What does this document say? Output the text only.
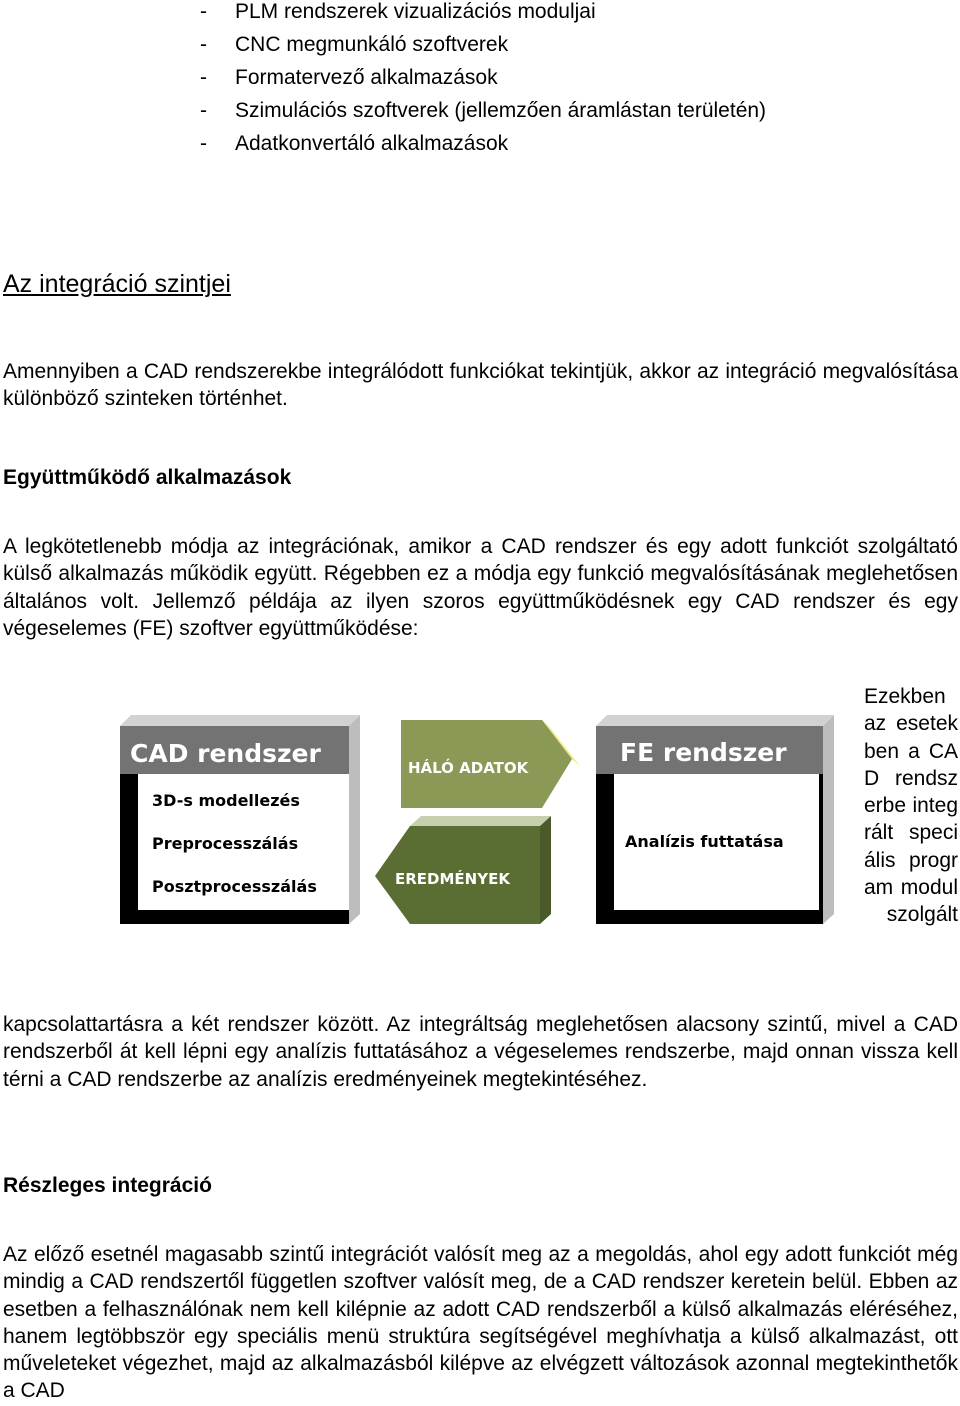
- PLM rendszerek vizualizációs moduljai
- CNC megmunkáló szoftverek
- Formatervező alkalmazások
- Szimulációs szoftverek (jellemzően áramlástan területén)
- Adatkonvertáló alkalmazások
Az integráció szintjei

Amennyiben a CAD rendszerekbe integrálódott funkciókat tekintjük, akkor az integráció megvalósítása különböző szinteken történhet.

Együttműködő alkalmazások

A legkötetlenebb módja az integrációnak, amikor a CAD rendszer és egy adott funkciót szolgáltató külső alkalmazás működik együtt. Régebben ez a módja egy funkció megvalósításának meglehetősen általános volt. Jellemző példája az ilyen szoros együttműködésnek egy CAD rendszer és egy végeselemes (FE) szoftver együttműködése:

CAD rendszer
3D-s modellezés
Preprocesszálás
Posztprocesszálás
HÁLÓ ADATOK
EREDMÉNYEK
FE rendszer
Analízis futtatása

Ezekben az esetekben a CAD rendszerbe integrált speciális program modul szolgált

kapcsolattartásra a két rendszer között. Az integráltság meglehetősen alacsony szintű, mivel a CAD rendszerből át kell lépni egy analízis futtatásához a végeselemes rendszerbe, majd onnan vissza kell térni a CAD rendszerbe az analízis eredményeinek megtekintéséhez.

Részleges integráció

Az előző esetnél magasabb szintű integrációt valósít meg az a megoldás, ahol egy adott funkciót még mindig a CAD rendszertől független szoftver valósít meg, de a CAD rendszer keretein belül. Ebben az esetben a felhasználónak nem kell kilépnie az adott CAD rendszerből a külső alkalmazás eléréséhez, hanem legtöbbször egy speciális menü struktúra segítségével meghívhatja a külső alkalmazást, ott műveleteket végezhet, majd az alkalmazásból kilépve az elvégzett változások azonnal megtekinthetők a CAD
